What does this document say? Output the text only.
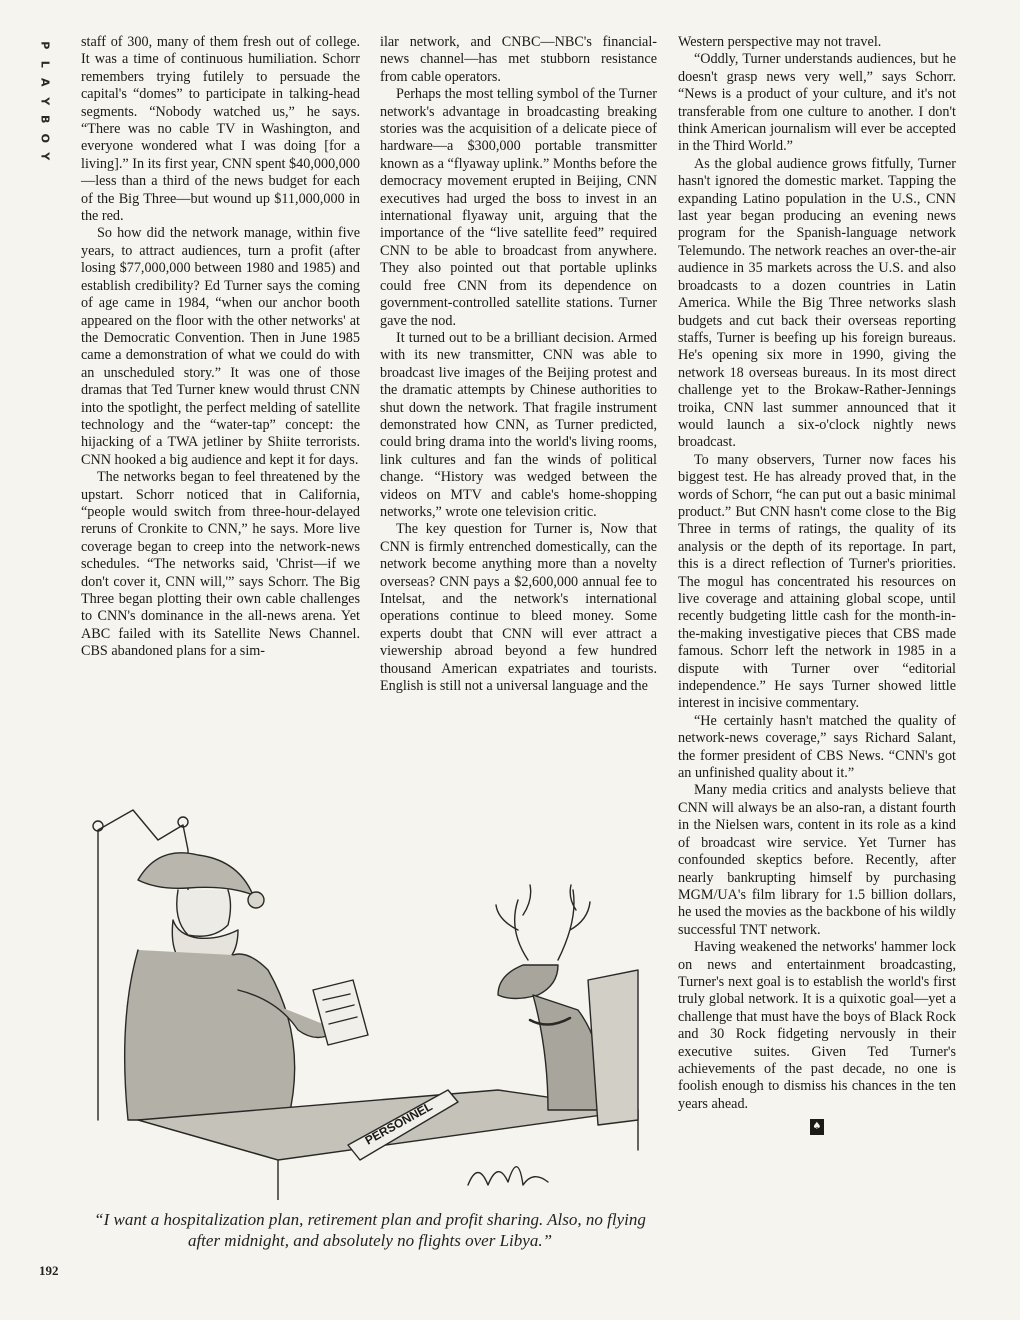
P
L
A
Y
B
O
Y

staff of 300, many of them fresh out of college. It was a time of continuous humiliation. Schorr remembers trying futilely to persuade the capital's “domes” to participate in talking-head segments. “Nobody watched us,” he says. “There was no cable TV in Washington, and everyone wondered what I was doing [for a living].” In its first year, CNN spent $40,000,000—less than a third of the news budget for each of the Big Three—but wound up $11,000,000 in the red.

So how did the network manage, within five years, to attract audiences, turn a profit (after losing $77,000,000 between 1980 and 1985) and establish credibility? Ed Turner says the coming of age came in 1984, “when our anchor booth appeared on the floor with the other networks' at the Democratic Convention. Then in June 1985 came a demonstration of what we could do with an unscheduled story.” It was one of those dramas that Ted Turner knew would thrust CNN into the spotlight, the perfect melding of satellite technology and the “water-tap” concept: the hijacking of a TWA jetliner by Shiite terrorists. CNN hooked a big audience and kept it for days.

The networks began to feel threatened by the upstart. Schorr noticed that in California, “people would switch from three-hour-delayed reruns of Cronkite to CNN,” he says. More live coverage began to creep into the network-news schedules. “The networks said, 'Christ—if we don't cover it, CNN will,'” says Schorr. The Big Three began plotting their own cable challenges to CNN's dominance in the all-news arena. Yet ABC failed with its Satellite News Channel. CBS abandoned plans for a sim-

ilar network, and CNBC—NBC's financial-news channel—has met stubborn resistance from cable operators.

Perhaps the most telling symbol of the Turner network's advantage in broadcasting breaking stories was the acquisition of a delicate piece of hardware—a $300,000 portable transmitter known as a “flyaway uplink.” Months before the democracy movement erupted in Beijing, CNN executives had urged the boss to invest in an international flyaway unit, arguing that the importance of the “live satellite feed” required CNN to be able to broadcast from anywhere. They also pointed out that portable uplinks could free CNN from its dependence on government-controlled satellite stations. Turner gave the nod.

It turned out to be a brilliant decision. Armed with its new transmitter, CNN was able to broadcast live images of the Beijing protest and the dramatic attempts by Chinese authorities to shut down the network. That fragile instrument demonstrated how CNN, as Turner predicted, could bring drama into the world's living rooms, link cultures and fan the winds of political change. “History was wedged between the videos on MTV and cable's home-shopping networks,” wrote one television critic.

The key question for Turner is, Now that CNN is firmly entrenched domestically, can the network become anything more than a novelty overseas? CNN pays a $2,600,000 annual fee to Intelsat, and the network's international operations continue to bleed money. Some experts doubt that CNN will ever attract a viewership abroad beyond a few hundred thousand American expatriates and tourists. English is still not a universal language and the

Western perspective may not travel.

“Oddly, Turner understands audiences, but he doesn't grasp news very well,” says Schorr. “News is a product of your culture, and it's not transferable from one culture to another. I don't think American journalism will ever be accepted in the Third World.”

As the global audience grows fitfully, Turner hasn't ignored the domestic market. Tapping the expanding Latino population in the U.S., CNN last year began producing an evening news program for the Spanish-language network Telemundo. The network reaches an over-the-air audience in 35 markets across the U.S. and also broadcasts to a dozen countries in Latin America. While the Big Three networks slash budgets and cut back their overseas reporting staffs, Turner is beefing up his foreign bureaus. He's opening six more in 1990, giving the network 18 overseas bureaus. In its most direct challenge yet to the Brokaw-Rather-Jennings troika, CNN last summer announced that it would launch a six-o'clock nightly news broadcast.

To many observers, Turner now faces his biggest test. He has already proved that, in the words of Schorr, “he can put out a basic minimal product.” But CNN hasn't come close to the Big Three in terms of ratings, the quality of its analysis or the depth of its reportage. In part, this is a direct reflection of Turner's priorities. The mogul has concentrated his resources on live coverage and attaining global scope, until recently budgeting little cash for the month-in-the-making investigative pieces that CBS made famous. Schorr left the network in 1985 in a dispute with Turner over “editorial independence.” He says Turner showed little interest in incisive commentary.

“He certainly hasn't matched the quality of network-news coverage,” says Richard Salant, the former president of CBS News. “CNN's got an unfinished quality about it.”

Many media critics and analysts believe that CNN will always be an also-ran, a distant fourth in the Nielsen wars, content in its role as a kind of broadcast wire service. Yet Turner has confounded skeptics before. Recently, after nearly bankrupting himself by purchasing MGM/UA's film library for 1.5 billion dollars, he used the movies as the backbone of his wildly successful TNT network.

Having weakened the networks' hammer lock on news and entertainment broadcasting, Turner's next goal is to establish the world's first truly global network. It is a quixotic goal—yet a challenge that must have the boys of Black Rock and 30 Rock fidgeting nervously in their executive suites. Given Ted Turner's achievements of the past decade, no one is foolish enough to dismiss his chances in the ten years ahead.

♠
PERSONNEL
“I want a hospitalization plan, retirement plan and profit sharing. Also, no flying after midnight, and absolutely no flights over Libya.”
192
